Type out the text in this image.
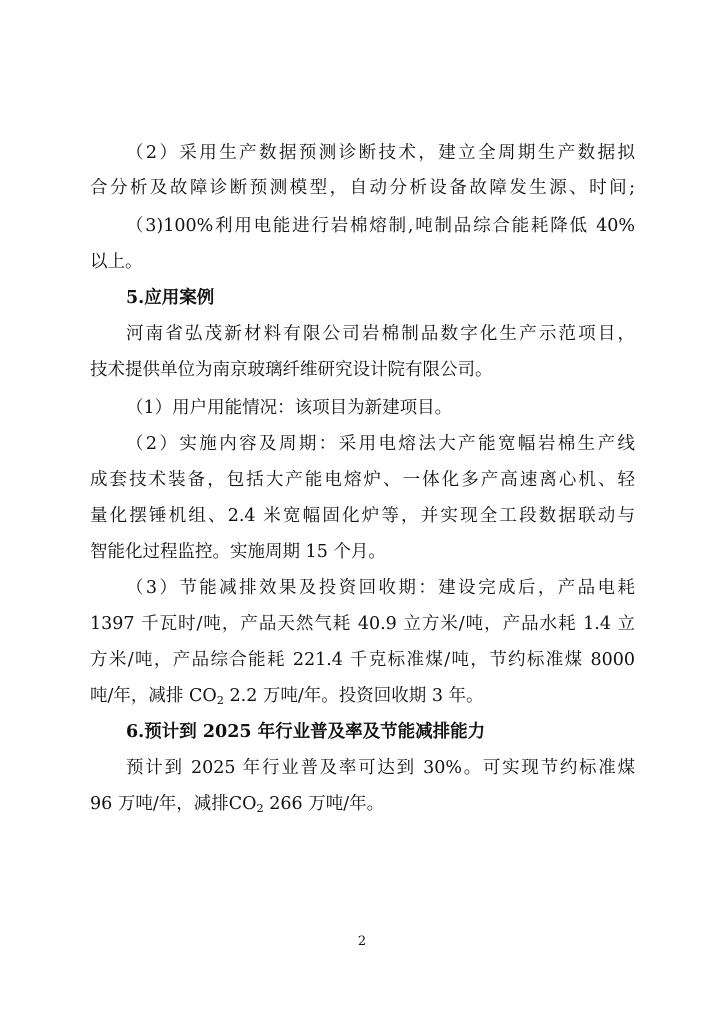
（2）采用生产数据预测诊断技术，建立全周期生产数据拟
合分析及故障诊断预测模型，自动分析设备故障发生源、时间;
（3)100%利用电能进行岩棉熔制,吨制品综合能耗降低 40%
以上。
5.应用案例
河南省弘茂新材料有限公司岩棉制品数字化生产示范项目，
技术提供单位为南京玻璃纤维研究设计院有限公司。
（1）用户用能情况：该项目为新建项目。
（2）实施内容及周期：采用电熔法大产能宽幅岩棉生产线
成套技术装备，包括大产能电熔炉、一体化多产高速离心机、轻
量化摆锤机组、2.4 米宽幅固化炉等，并实现全工段数据联动与
智能化过程监控。实施周期 15 个月。
（3）节能减排效果及投资回收期：建设完成后，产品电耗
1397 千瓦时/吨，产品天然气耗 40.9 立方米/吨，产品水耗 1.4 立
方米/吨，产品综合能耗 221.4 千克标准煤/吨，节约标准煤 8000
吨/年，减排 $CO_2$ 2.2 万吨/年。投资回收期 3 年。
6.预计到 2025 年行业普及率及节能减排能力
预计到 2025 年行业普及率可达到 30%。可实现节约标准煤
96 万吨/年，减排$CO_2$ 266 万吨/年。
2
